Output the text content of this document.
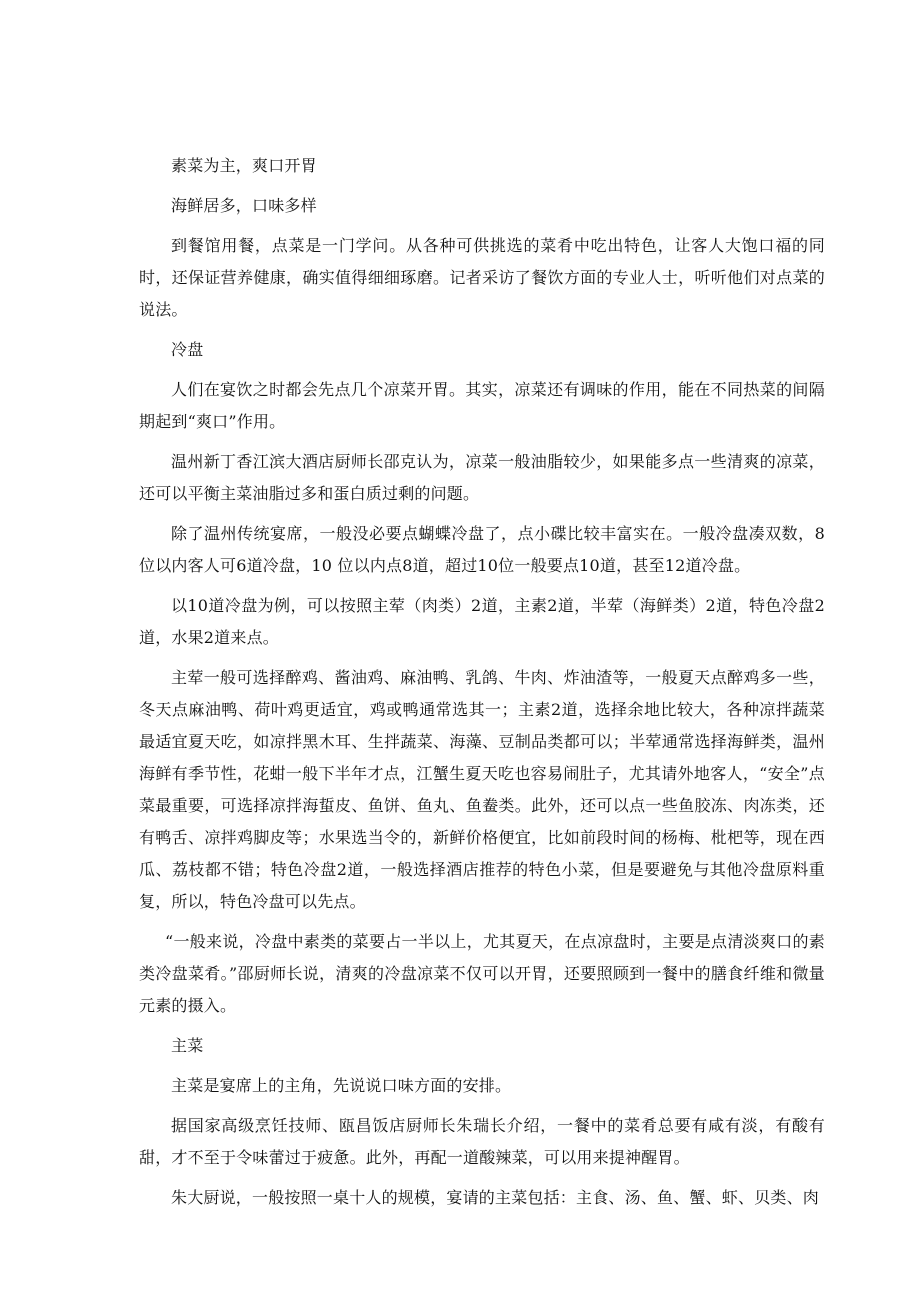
素菜为主，爽口开胃

海鲜居多，口味多样

到餐馆用餐，点菜是一门学问。从各种可供挑选的菜肴中吃出特色，让客人大饱口福的同时，还保证营养健康，确实值得细细琢磨。记者采访了餐饮方面的专业人士，听听他们对点菜的说法。

冷盘

人们在宴饮之时都会先点几个凉菜开胃。其实，凉菜还有调味的作用，能在不同热菜的间隔期起到“爽口”作用。

温州新丁香江滨大酒店厨师长邵克认为，凉菜一般油脂较少，如果能多点一些清爽的凉菜，还可以平衡主菜油脂过多和蛋白质过剩的问题。

除了温州传统宴席，一般没必要点蝴蝶冷盘了，点小碟比较丰富实在。一般冷盘凑双数，8位以内客人可6道冷盘，10 位以内点8道，超过10位一般要点10道，甚至12道冷盘。

以10道冷盘为例，可以按照主荤（肉类）2道，主素2道，半荤（海鲜类）2道，特色冷盘2道，水果2道来点。

主荤一般可选择醉鸡、酱油鸡、麻油鸭、乳鸽、牛肉、炸油渣等，一般夏天点醉鸡多一些，冬天点麻油鸭、荷叶鸡更适宜，鸡或鸭通常选其一；主素2道，选择余地比较大，各种凉拌蔬菜最适宜夏天吃，如凉拌黑木耳、生拌蔬菜、海藻、豆制品类都可以；半荤通常选择海鲜类，温州海鲜有季节性，花蚶一般下半年才点，江蟹生夏天吃也容易闹肚子，尤其请外地客人，“安全”点菜最重要，可选择凉拌海蜇皮、鱼饼、鱼丸、鱼鲞类。此外，还可以点一些鱼胶冻、肉冻类，还有鸭舌、凉拌鸡脚皮等；水果选当令的，新鲜价格便宜，比如前段时间的杨梅、枇杷等，现在西瓜、荔枝都不错；特色冷盘2道，一般选择酒店推荐的特色小菜，但是要避免与其他冷盘原料重复，所以，特色冷盘可以先点。

“一般来说，冷盘中素类的菜要占一半以上，尤其夏天，在点凉盘时，主要是点清淡爽口的素类冷盘菜肴。”邵厨师长说，清爽的冷盘凉菜不仅可以开胃，还要照顾到一餐中的膳食纤维和微量元素的摄入。

主菜

主菜是宴席上的主角，先说说口味方面的安排。

据国家高级烹饪技师、瓯昌饭店厨师长朱瑞长介绍，一餐中的菜肴总要有咸有淡，有酸有甜，才不至于令味蕾过于疲惫。此外，再配一道酸辣菜，可以用来提神醒胃。

朱大厨说，一般按照一桌十人的规模，宴请的主菜包括：主食、汤、鱼、蟹、虾、贝类、肉
